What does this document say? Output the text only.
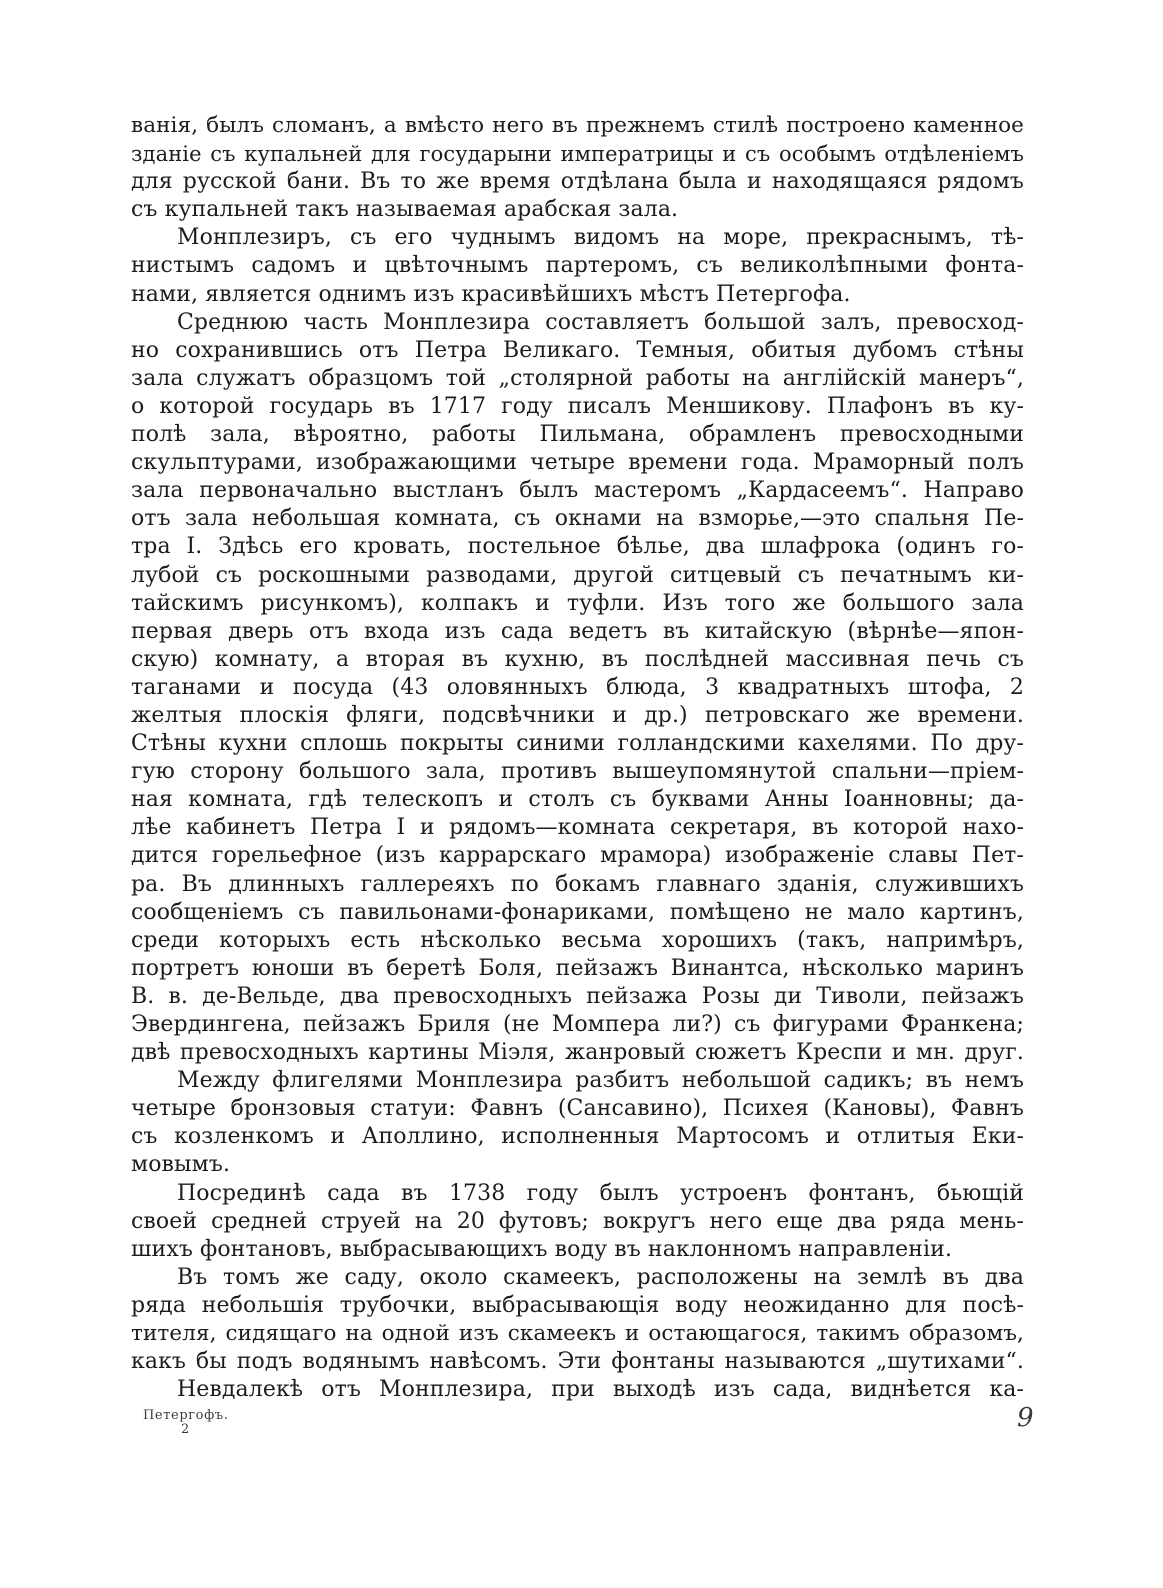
ванія, былъ сломанъ, а вмѣсто него въ прежнемъ стилѣ построено каменное
зданіе съ купальней для государыни императрицы и съ особымъ отдѣленіемъ
для русской бани. Въ то же время отдѣлана была и находящаяся рядомъ
съ купальней такъ называемая арабская зала.
Монплезиръ, съ его чуднымъ видомъ на море, прекраснымъ, тѣ-
нистымъ садомъ и цвѣточнымъ партеромъ, съ великолѣпными фонта-
нами, является однимъ изъ красивѣйшихъ мѣстъ Петергофа.
Среднюю часть Монплезира составляетъ большой залъ, превосход-
но сохранившись отъ Петра Великаго. Темныя, обитыя дубомъ стѣны
зала служатъ образцомъ той „столярной работы на англійскій манеръ“,
о которой государь въ 1717 году писалъ Меншикову. Плафонъ въ ку-
полѣ зала, вѣроятно, работы Пильмана, обрамленъ превосходными
скульптурами, изображающими четыре времени года. Мраморный полъ
зала первоначально выстланъ былъ мастеромъ „Кардасеемъ“. Направо
отъ зала небольшая комната, съ окнами на взморье,—это спальня Пе-
тра I. Здѣсь его кровать, постельное бѣлье, два шлафрока (одинъ го-
лубой съ роскошными разводами, другой ситцевый съ печатнымъ ки-
тайскимъ рисункомъ), колпакъ и туфли. Изъ того же большого зала
первая дверь отъ входа изъ сада ведетъ въ китайскую (вѣрнѣе—япон-
скую) комнату, а вторая въ кухню, въ послѣдней массивная печь съ
таганами и посуда (43 оловянныхъ блюда, 3 квадратныхъ штофа, 2
желтыя плоскія фляги, подсвѣчники и др.) петровскаго же времени.
Стѣны кухни сплошь покрыты синими голландскими кахелями. По дру-
гую сторону большого зала, противъ вышеупомянутой спальни—пріем-
ная комната, гдѣ телескопъ и столъ съ буквами Анны Іоанновны; да-
лѣе кабинетъ Петра I и рядомъ—комната секретаря, въ которой нахо-
дится горельефное (изъ каррарскаго мрамора) изображеніе славы Пет-
ра. Въ длинныхъ галлереяхъ по бокамъ главнаго зданія, служившихъ
сообщеніемъ съ павильонами-фонариками, помѣщено не мало картинъ,
среди которыхъ есть нѣсколько весьма хорошихъ (такъ, напримѣръ,
портретъ юноши въ беретѣ Боля, пейзажъ Винантса, нѣсколько маринъ
В. в. де-Вельде, два превосходныхъ пейзажа Розы ди Тиволи, пейзажъ
Эвердингена, пейзажъ Бриля (не Момпера ли?) съ фигурами Франкена;
двѣ превосходныхъ картины Міэля, жанровый сюжетъ Креспи и мн. друг.
Между флигелями Монплезира разбитъ небольшой садикъ; въ немъ
четыре бронзовыя статуи: Фавнъ (Сансавино), Психея (Кановы), Фавнъ
съ козленкомъ и Аполлино, исполненныя Мартосомъ и отлитыя Еки-
мовымъ.
Посрединѣ сада въ 1738 году былъ устроенъ фонтанъ, бьющій
своей средней струей на 20 футовъ; вокругъ него еще два ряда мень-
шихъ фонтановъ, выбрасывающихъ воду въ наклонномъ направленіи.
Въ томъ же саду, около скамеекъ, расположены на землѣ въ два
ряда небольшія трубочки, выбрасывающія воду неожиданно для посѣ-
тителя, сидящаго на одной изъ скамеекъ и остающагося, такимъ образомъ,
какъ бы подъ водянымъ навѣсомъ. Эти фонтаны называются „шутихами“.
Невдалекѣ отъ Монплезира, при выходѣ изъ сада, виднѣется ка-
Петергофъ.
2	9
